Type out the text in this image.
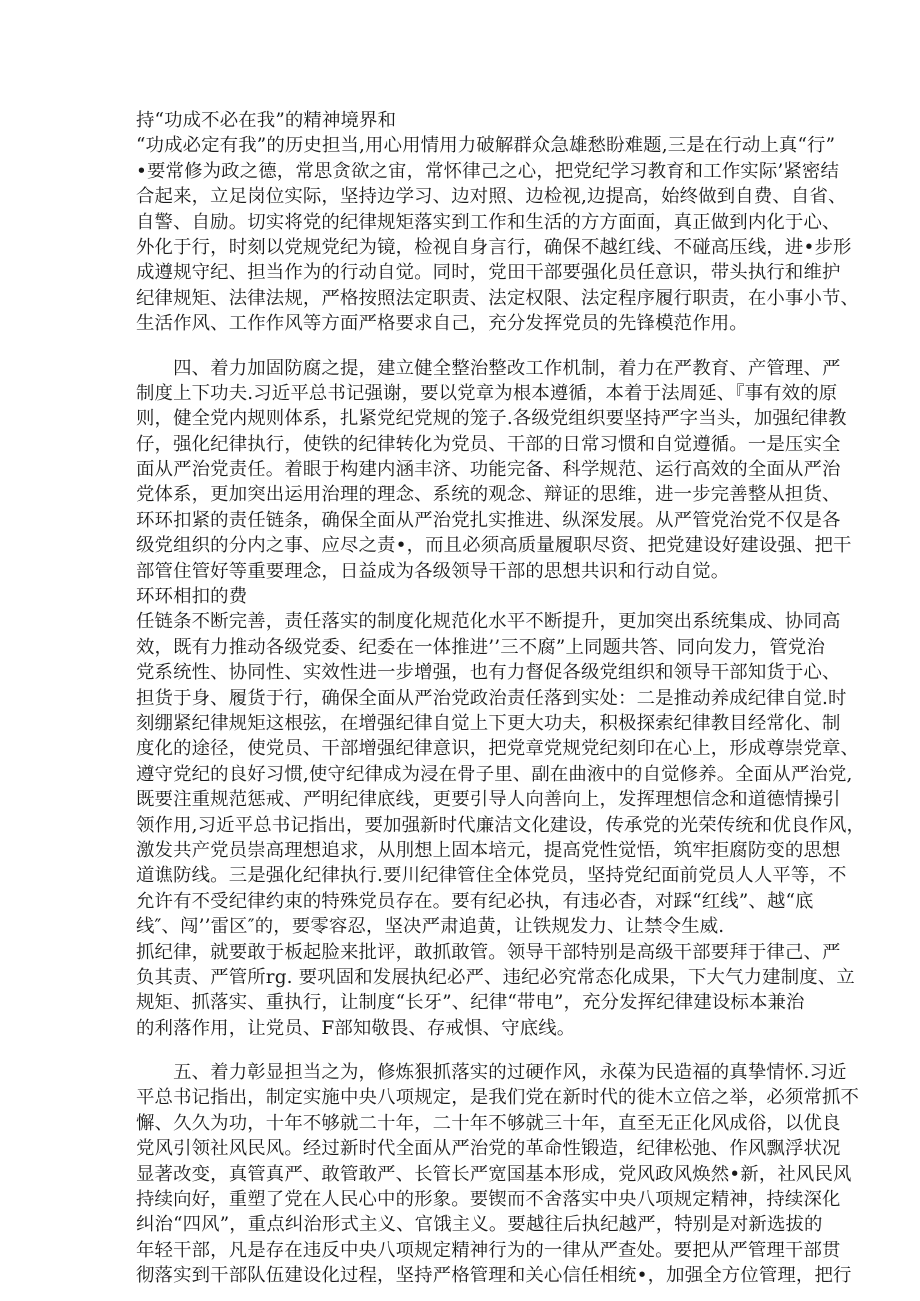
持“功成不必在我”的精神境界和
“功成必定有我”的历史担当,用心用情用力破解群众急雄愁盼难题,三是在行动上真“行”
•要常修为政之德，常思贪欲之宙，常怀律己之心，把党纪学习教育和工作实际’紧密结
合起来，立足岗位实际，坚持边学习、边对照、边检视,边提高，始终做到自费、自省、
自警、自励。切实将党的纪律规矩落实到工作和生活的方方面面，真正做到内化于心、
外化于行，时刻以党规党纪为镜，检视自身言行，确保不越红线、不碰高压线，进•步形
成遵规守纪、担当作为的行动自觉。同时，党田干部要强化员任意识，带头执行和维护
纪律规矩、法律法规，严格按照法定职责、法定权限、法定程序履行职责，在小事小节、
生活作风、工作作风等方面严格要求自己，充分发挥党员的先锋模范作用。
　　四、着力加固防腐之提，建立健全整治整改工作机制，着力在严教育、产管理、严
制度上下功夫.习近平总书记强谢，要以党章为根本遵循，本着于法周延、『事有效的原
则，健全党内规则体系，扎紧党纪党规的笼子.各级党组织要坚持严字当头，加强纪律教
仔，强化纪律执行，使铁的纪律转化为党员、干部的日常习惯和自觉遵循。一是压实全
面从严治党责任。着眼于构建内涵丰济、功能完备、科学规范、运行高效的全面从严治
党体系，更加突出运用治理的理念、系统的观念、辩证的思维，进一步完善整从担货、
环环扣紧的责任链条，确保全面从严治党扎实推进、纵深发展。从严管党治党不仅是各
级党组织的分内之事、应尽之责•，而且必须高质量履职尽资、把党建设好建设强、把干
部管住管好等重要理念，日益成为各级领导干部的思想共识和行动自觉。
环环相扣的费
任链条不断完善，责任落实的制度化规范化水平不断提升，更加突出系统集成、协同高
效，既有力推动各级党委、纪委在一体推进’’三不腐”上同题共答、同向发力，管党治
党系统性、协同性、实效性进一步增强，也有力督促各级党组织和领导干部知货于心、
担货于身、履货于行，确保全面从严治党政治责任落到实处：二是推动养成纪律自觉.时
刻绷紧纪律规矩这根弦，在增强纪律自觉上下更大功夫，积极探索纪律教目经常化、制
度化的途径，使党员、干部增强纪律意识，把党章党规党纪刻印在心上，形成尊崇党章、
遵守党纪的良好习惯,使守纪律成为浸在骨子里、副在曲液中的自觉修养。全面从严治党,
既要注重规范惩戒、严明纪律底线，更要引导人向善向上，发挥理想信念和道德情操引
领作用,习近平总书记指出，要加强新时代廉洁文化建设，传承党的光荣传统和优良作风，
激发共产党员崇高理想追求，从刖想上固本培元，提高党性觉悟，筑牢拒腐防变的思想
道谯防线。三是强化纪律执行.要川纪律管住全体党员，坚持党纪面前党员人人平等，不
允许有不受纪律约束的特殊党员存在。要有纪必执，有违必杳，对踩“红线”、越“底
线″、闯’’雷区″的，要零容忍，坚决严肃追黄，让铁规发力、让禁令生威.
抓纪律，就要敢于板起脸来批评，敢抓敢管。领导干部特别是高级干部要拜于律己、严
负其责、严管所rg. 要巩固和发展执纪必严、违纪必究常态化成果，下大气力建制度、立
规矩、抓落实、重执行，让制度“长牙”、纪律“带电”，充分发挥纪律建设标本兼治
的利落作用，让党员、F部知敬畏、存戒惧、守底线。
　　五、着力彰显担当之为，修炼狠抓落实的过硬作风，永葆为民造福的真挚情怀.习近
平总书记指出，制定实施中央八项规定，是我们党在新时代的徙木立倍之举，必须常抓不
懈、久久为功，十年不够就二十年，二十年不够就三十年，直至无正化风成俗，以优良
党风引领社风民风。经过新时代全面从严治党的革命性锻造，纪律松弛、作风飘浮状况
显著改变，真管真严、敢管敢严、长管长严宽国基本形成，党风政风焕然•新，社风民风
持续向好，重塑了党在人民心中的形象。要锲而不舍落实中央八项规定精神，持续深化
纠治“四风”，重点纠治形式主义、官饿主义。要越往后执纪越严，特别是对新选拔的
年轻干部，凡是存在违反中央八项规定精神行为的一律从严查处。要把从严管理干部贯
彻落实到干部队伍建设化过程，坚持严格管理和关心信任相统•，加强全方位管理，把行
